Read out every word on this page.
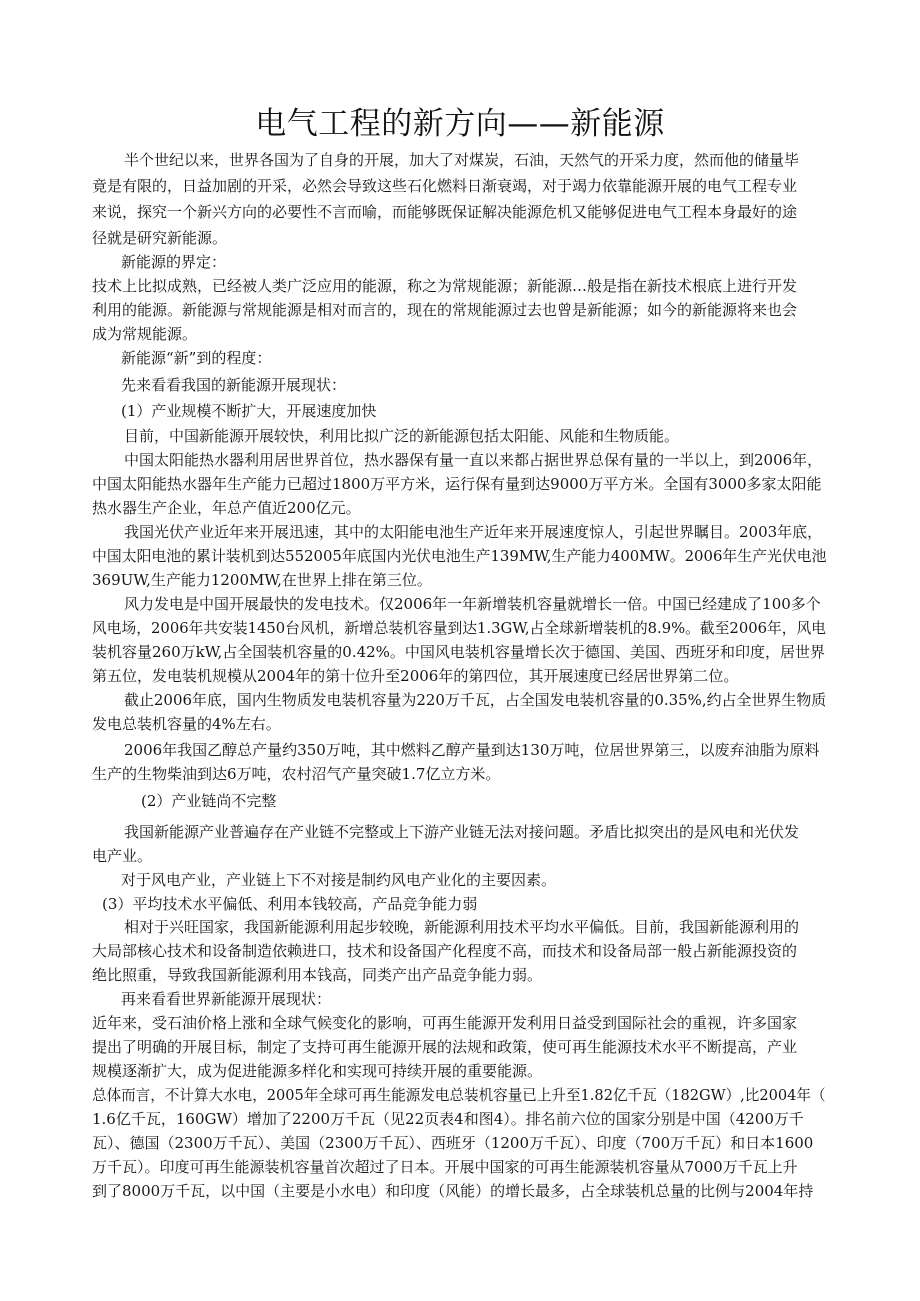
电气工程的新方向——新能源
半个世纪以来，世界各国为了自身的开展，加大了对煤炭，石油，天然气的开采力度，然而他的储量毕
竟是有限的，日益加剧的开采，必然会导致这些石化燃料日渐衰竭，对于竭力依靠能源开展的电气工程专业
来说，探究一个新兴方向的必要性不言而喻，而能够既保证解决能源危机又能够促进电气工程本身最好的途
径就是研究新能源。
新能源的界定：
技术上比拟成熟，已经被人类广泛应用的能源，称之为常规能源；新能源…般是指在新技术根底上进行开发
利用的能源。新能源与常规能源是相对而言的，现在的常规能源过去也曾是新能源；如今的新能源将来也会
成为常规能源。
新能源“新”到的程度：
先来看看我国的新能源开展现状：
(1）产业规模不断扩大，开展速度加快
目前，中国新能源开展较快，利用比拟广泛的新能源包括太阳能、风能和生物质能。
中国太阳能热水器利用居世界首位，热水器保有量一直以来都占据世界总保有量的一半以上，到2006年，
中国太阳能热水器年生产能力已超过1800万平方米，运行保有量到达9000万平方米。全国有3000多家太阳能
热水器生产企业，年总产值近200亿元。
我国光伏产业近年来开展迅速，其中的太阳能电池生产近年来开展速度惊人，引起世界瞩目。2003年底，
中国太阳电池的累计装机到达552005年底国内光伏电池生产139MW,生产能力400MW。2006年生产光伏电池
369UW,生产能力1200MW,在世界上排在第三位。
风力发电是中国开展最快的发电技术。仅2006年一年新增装机容量就增长一倍。中国已经建成了100多个
风电场，2006年共安装1450台风机，新增总装机容量到达1.3GW,占全球新增装机的8.9%。截至2006年，风电
装机容量260万kW,占全国装机容量的0.42%。中国风电装机容量增长次于德国、美国、西班牙和印度，居世界
第五位，发电装机规模从2004年的第十位升至2006年的第四位，其开展速度已经居世界第二位。
截止2006年底，国内生物质发电装机容量为220万千瓦，占全国发电装机容量的0.35%,约占全世界生物质
发电总装机容量的4%左右。
2006年我国乙醇总产量约350万吨，其中燃料乙醇产量到达130万吨，位居世界第三，以废弃油脂为原料
生产的生物柴油到达6万吨，农村沼气产量突破1.7亿立方米。
(2）产业链尚不完整
我国新能源产业普遍存在产业链不完整或上下游产业链无法对接问题。矛盾比拟突出的是风电和光伏发
电产业。
对于风电产业，产业链上下不对接是制约风电产业化的主要因素。
(3）平均技术水平偏低、利用本钱较高，产品竞争能力弱
相对于兴旺国家，我国新能源利用起步较晚，新能源利用技术平均水平偏低。目前，我国新能源利用的
大局部核心技术和设备制造依赖进口，技术和设备国产化程度不高，而技术和设备局部一般占新能源投资的
绝比照重，导致我国新能源利用本钱高，同类产出产品竞争能力弱。
再来看看世界新能源开展现状：
近年来，受石油价格上涨和全球气候变化的影响，可再生能源开发利用日益受到国际社会的重视，许多国家
提出了明确的开展目标，制定了支持可再生能源开展的法规和政策，使可再生能源技术水平不断提高，产业
规模逐渐扩大，成为促进能源多样化和实现可持续开展的重要能源。
总体而言，不计算大水电，2005年全球可再生能源发电总装机容量已上升至1.82亿千瓦（182GW）,比2004年（
1.6亿千瓦，160GW）增加了2200万千瓦（见22页表4和图4）。排名前六位的国家分别是中国（4200万千
瓦）、德国（2300万千瓦）、美国（2300万千瓦）、西班牙（1200万千瓦）、印度（700万千瓦）和日本1600
万千瓦）。印度可再生能源装机容量首次超过了日本。开展中国家的可再生能源装机容量从7000万千瓦上升
到了8000万千瓦，以中国（主要是小水电）和印度（风能）的增长最多，占全球装机总量的比例与2004年持
